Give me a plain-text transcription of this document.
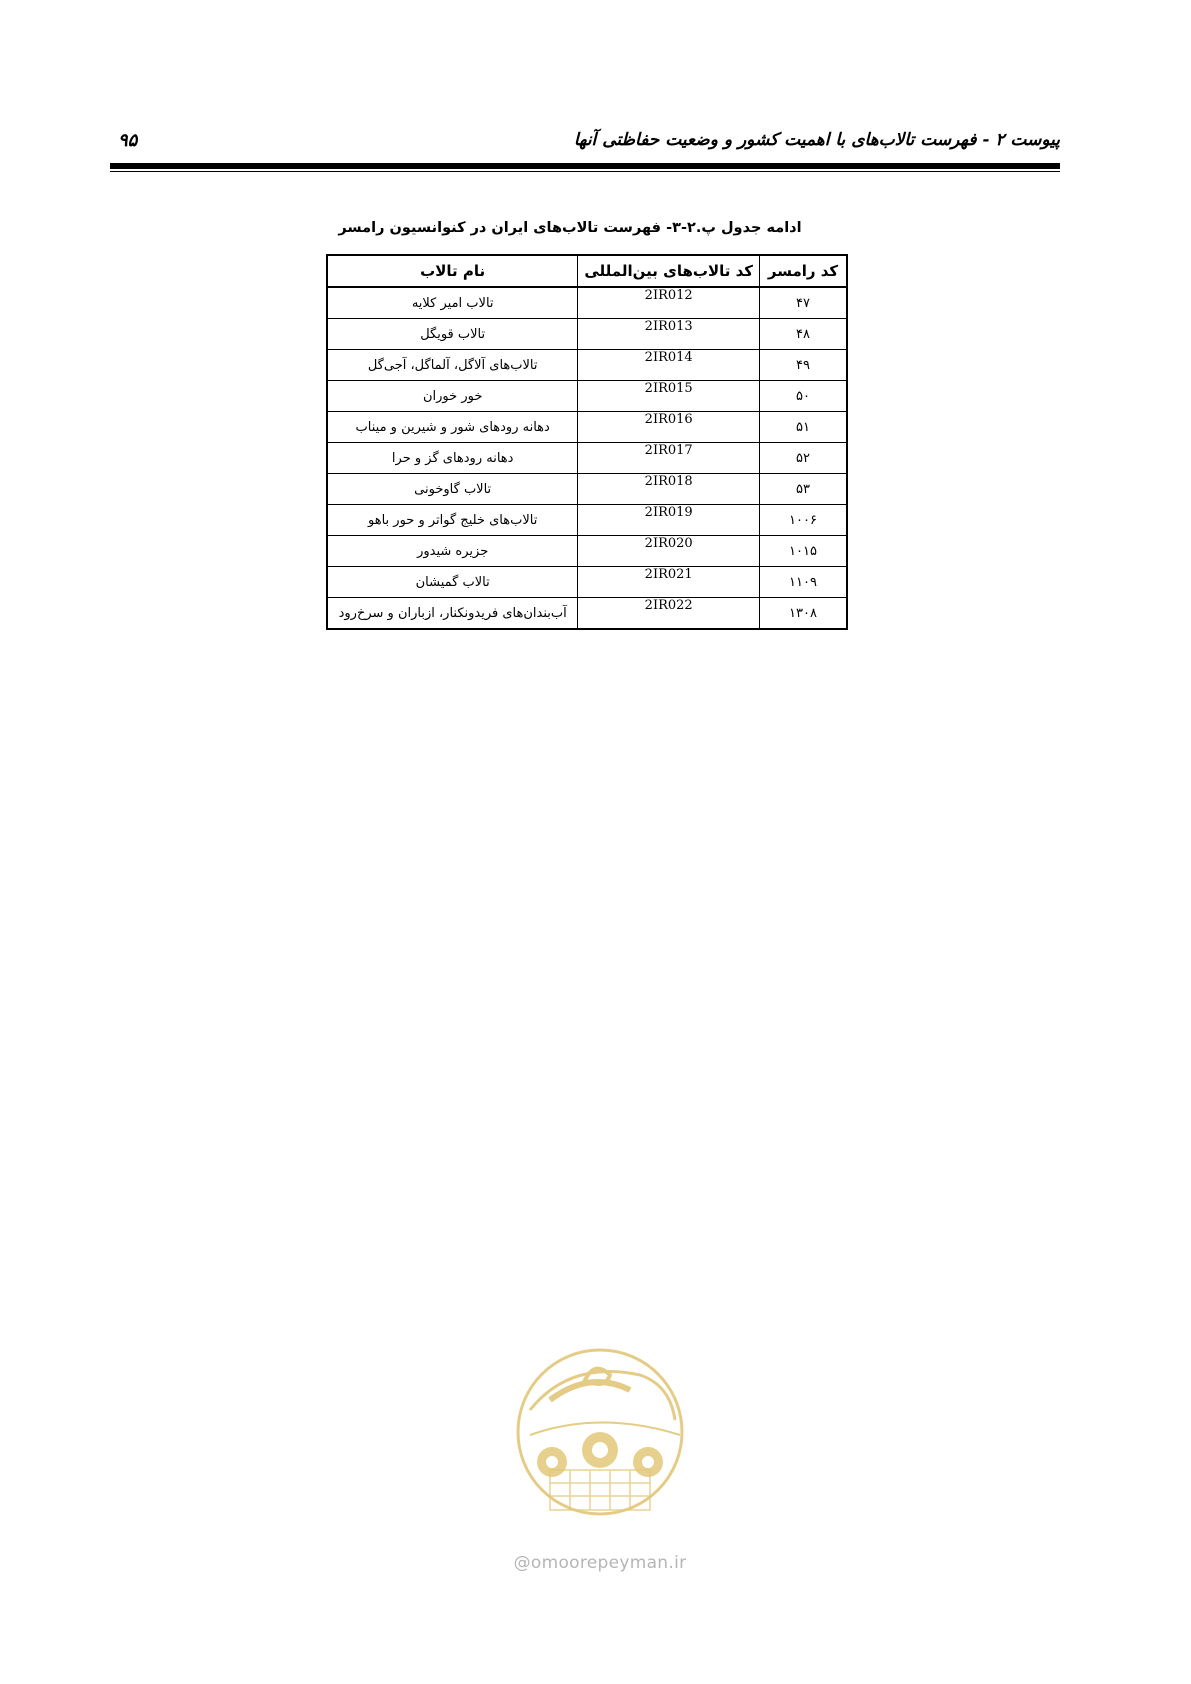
پیوست ۲ - فهرست تالاب‌های با اهمیت کشور و وضعیت حفاظتی آنها
۹۵
ادامه جدول پ.۲-۳- فهرست تالاب‌های ایران در کنوانسیون رامسر
کد رامسر	کد تالاب‌های بین‌المللی	نام تالاب
۴۷	2IR012	تالاب امیر کلایه
۴۸	2IR013	تالاب قویگل
۴۹	2IR014	تالاب‌های آلاگل، آلماگل، آجی‌گل
۵۰	2IR015	خور خوران
۵۱	2IR016	دهانه رودهای شور و شیرین و میناب
۵۲	2IR017	دهانه رودهای گز و حرا
۵۳	2IR018	تالاب گاوخونی
۱۰۰۶	2IR019	تالاب‌های خلیج گواتر و حور باهو
۱۰۱۵	2IR020	جزیره شیدور
۱۱۰۹	2IR021	تالاب گمیشان
۱۳۰۸	2IR022	آب‌بندان‌های فریدونکنار، ازباران و سرخ‌رود
@omoorepeyman.ir
